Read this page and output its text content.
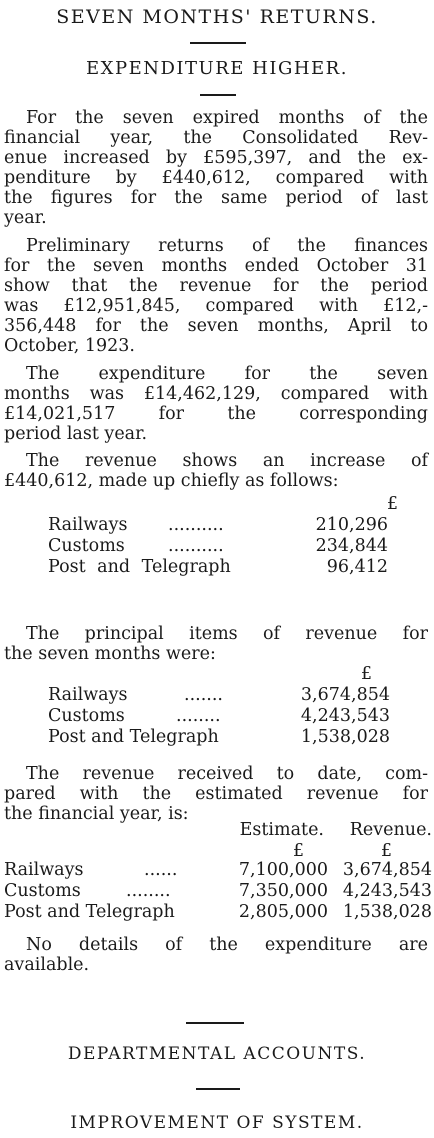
SEVEN MONTHS' RETURNS.
EXPENDITURE HIGHER.
For the seven expired months of the
financial year, the Consolidated Rev-
enue increased by £595,397, and the ex-
penditure by £440,612, compared with
the figures for the same period of last
year.
Preliminary returns of the finances
for the seven months ended October 31
show that the revenue for the period
was £12,951,845, compared with £12,-
356,448 for the seven months, April to
October, 1923.
The expenditure for the seven
months was £14,462,129, compared with
£14,021,517 for the corresponding
period last year.
The revenue shows an increase of
£440,612, made up chiefly as follows:
£
Railways ..........	210,296
Customs ..........	234,844
Post and Telegraph	96,412
The principal items of revenue for
the seven months were:
£
Railways	.......	3,674,854
Customs	........	4,243,543
Post and Telegraph	1,538,028
The revenue received to date, com-
pared with the estimated revenue for
the financial year, is:
Estimate.	Revenue.
£	£
Railways	......	7,100,000 3,674,854
Customs	........	7,350,000 4,243,543
Post and Telegraph	2,805,000 1,538,028
No details of the expenditure are
available.
DEPARTMENTAL ACCOUNTS.
IMPROVEMENT OF SYSTEM.
